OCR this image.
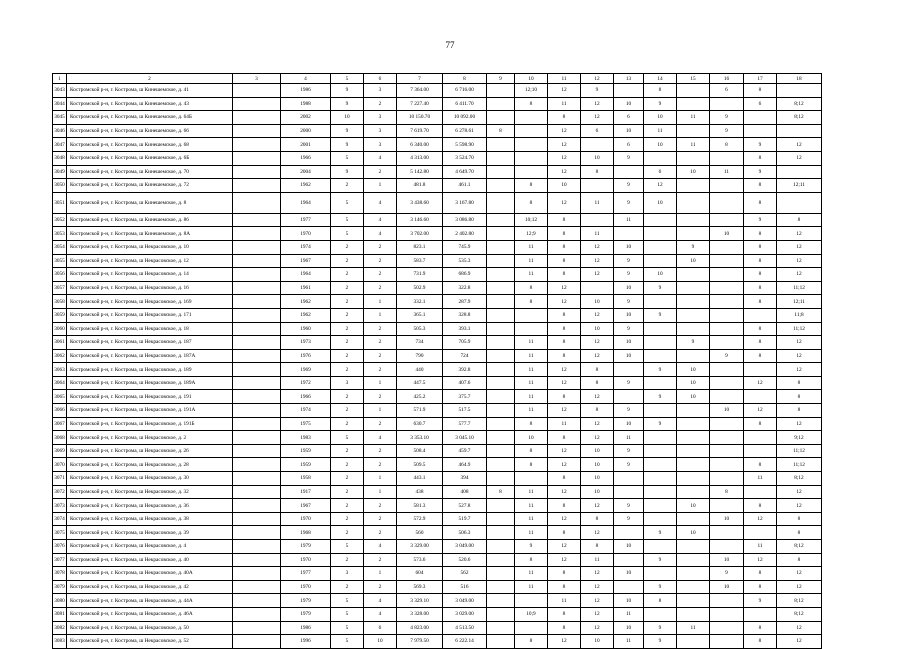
77
1	2	3	4	5	6	7	8	9	10	11	12	13	14	15	16	17	18
3043	Костромской р-н, г. Кострома, ш Кинешемское, д. 41		1986	9	3	7 364.00	6 716.00		12;10	12	9		8		6	8	
3044	Костромской р-н, г. Кострома, ш Кинешемское, д. 43		1988	9	2	7 227.40	6 411.70		8	11	12	10	9			6	8;12
3045	Костромской р-н, г. Кострома, ш Кинешемское, д. 64Б		2002	10	3	10 150.70	10 092.00			8	12	6	10	11	9		8;12
3046	Костромской р-н, г. Кострома, ш Кинешемское, д. 66		2000	9	3	7 619.70	6 278.61	8		12	6	10	11		9		
3047	Костромской р-н, г. Кострома, ш Кинешемское, д. 68		2001	9	3	6 340.00	5 598.90			12		6	10	11	8	9	12
3048	Костромской р-н, г. Кострома, ш Кинешемское, д. 6Б		1966	5	4	4 313.00	3 524.70			12	10	9				8	12
3049	Костромской р-н, г. Кострома, ш Кинешемское, д. 70		2004	9	2	5 142.80	4 649.70			12	8		6	10	11	9	
3050	Костромской р-н, г. Кострома, ш Кинешемское, д. 72		1962	2	1	481.8	461.1		8	10		9	12			8	12;11
3051	Костромской р-н, г. Кострома, ш Кинешемское, д. 8		1964	5	4	3 438.60	3 167.80		8	12	11	9	10			8	
3052	Костромской р-н, г. Кострома, ш Кинешемское, д. 86		1977	5	4	3 146.60	3 086.80		10;12	8		11				9	8
3053	Костромской р-н, г. Кострома, ш Кинешемское, д. 8А		1970	5	4	3 702.00	2 402.80		12;9	8	11				10	8	12
3054	Костромской р-н, г. Кострома, ш Некрасовское, д. 10		1974	2	2	823.1	745.9		11	8	12	10		9		8	12
3055	Костромской р-н, г. Кострома, ш Некрасовское, д. 12		1967	2	2	583.7	535.3		11	8	12	9		10		8	12
3056	Костромской р-н, г. Кострома, ш Некрасовское, д. 14		1964	2	2	731.9	686.9		11	8	12	9	10			8	12
3057	Костромской р-н, г. Кострома, ш Некрасовское, д. 16		1961	2	2	502.9	322.8		8	12		10	9			8	11;12
3058	Костромской р-н, г. Кострома, ш Некрасовское, д. 169		1962	2	1	332.1	287.9		8	12	10	9				8	12;11
3059	Костромской р-н, г. Кострома, ш Некрасовское, д. 171		1962	2	1	365.1	328.8			8	12	10	9				11;8
3060	Костромской р-н, г. Кострома, ш Некрасовское, д. 18		1960	2	2	505.3	393.1			8	10	9				8	11;12
3061	Костромской р-н, г. Кострома, ш Некрасовское, д. 187		1973	2	2	734	705.9		11	8	12	10		9		8	12
3062	Костромской р-н, г. Кострома, ш Некрасовское, д. 187А		1976	2	2	790	724		11	8	12	10			9	8	12
3063	Костромской р-н, г. Кострома, ш Некрасовское, д. 189		1969	2	2	440	392.8		11	12	8		9	10			12
3064	Костромской р-н, г. Кострома, ш Некрасовское, д. 189А		1972	3	1	447.5	407.6		11	12	8	9		10		12	8
3065	Костромской р-н, г. Кострома, ш Некрасовское, д. 191		1966	2	2	425.2	375.7		11	8	12		9	10			8
3066	Костромской р-н, г. Кострома, ш Некрасовское, д. 191А		1974	2	1	571.9	517.5		11	12	8	9			10	12	8
3067	Костромской р-н, г. Кострома, ш Некрасовское, д. 191Б		1975	2	2	630.7	577.7		8	11	12	10	9			8	12
3068	Костромской р-н, г. Кострома, ш Некрасовское, д. 2		1983	5	4	3 353.10	3 045.10		10	8	12	11					9;12
3069	Костромской р-н, г. Кострома, ш Некрасовское, д. 26		1959	2	2	508.4	459.7		8	12	10	9					11;12
3070	Костромской р-н, г. Кострома, ш Некрасовское, д. 28		1959	2	2	509.5	464.9		8	12	10	9				8	11;12
3071	Костромской р-н, г. Кострома, ш Некрасовское, д. 30		1958	2	1	443.1	394			8	10					11	8;12
3072	Костромской р-н, г. Кострома, ш Некрасовское, д. 32		1917	2	1	438	408	8	11	12	10				8		12
3073	Костромской р-н, г. Кострома, ш Некрасовское, д. 36		1967	2	2	581.3	527.8		11	8	12	9		10		8	12
3074	Костромской р-н, г. Кострома, ш Некрасовское, д. 38		1970	2	2	572.9	519.7		11	12	8	9			10	12	8
3075	Костромской р-н, г. Кострома, ш Некрасовское, д. 39		1968	2	2	560	506.3		11	8	12		9	10			8
3076	Костромской р-н, г. Кострома, ш Некрасовское, д. 4		1979	5	4	3 329.00	3 049.00		9	12	8	10				11	8;12
3077	Костромской р-н, г. Кострома, ш Некрасовское, д. 40		1970	2	2	573.6	520.6		8	12	11		9		10	12	8
3078	Костромской р-н, г. Кострома, ш Некрасовское, д. 40А		1977	3	1	604	562		11	8	12	10			9	8	12
3079	Костромской р-н, г. Кострома, ш Некрасовское, д. 42		1970	2	2	569.3	516		11	8	12		9		10	8	12
3080	Костромской р-н, г. Кострома, ш Некрасовское, д. 44А		1979	5	4	3 329.10	3 049.00			11	12	10	8			9	8;12
3081	Костромской р-н, г. Кострома, ш Некрасовское, д. 46А		1979	5	4	3 328.00	3 029.00		10;9	8	12	11					8;12
3082	Костромской р-н, г. Кострома, ш Некрасовское, д. 50		1986	5	6	4 823.00	4 513.50			8	12	10	9	11		8	12
3083	Костромской р-н, г. Кострома, ш Некрасовское, д. 52		1996	5	10	7 979.50	6 222.14		8	12	10	11	9			8	12
